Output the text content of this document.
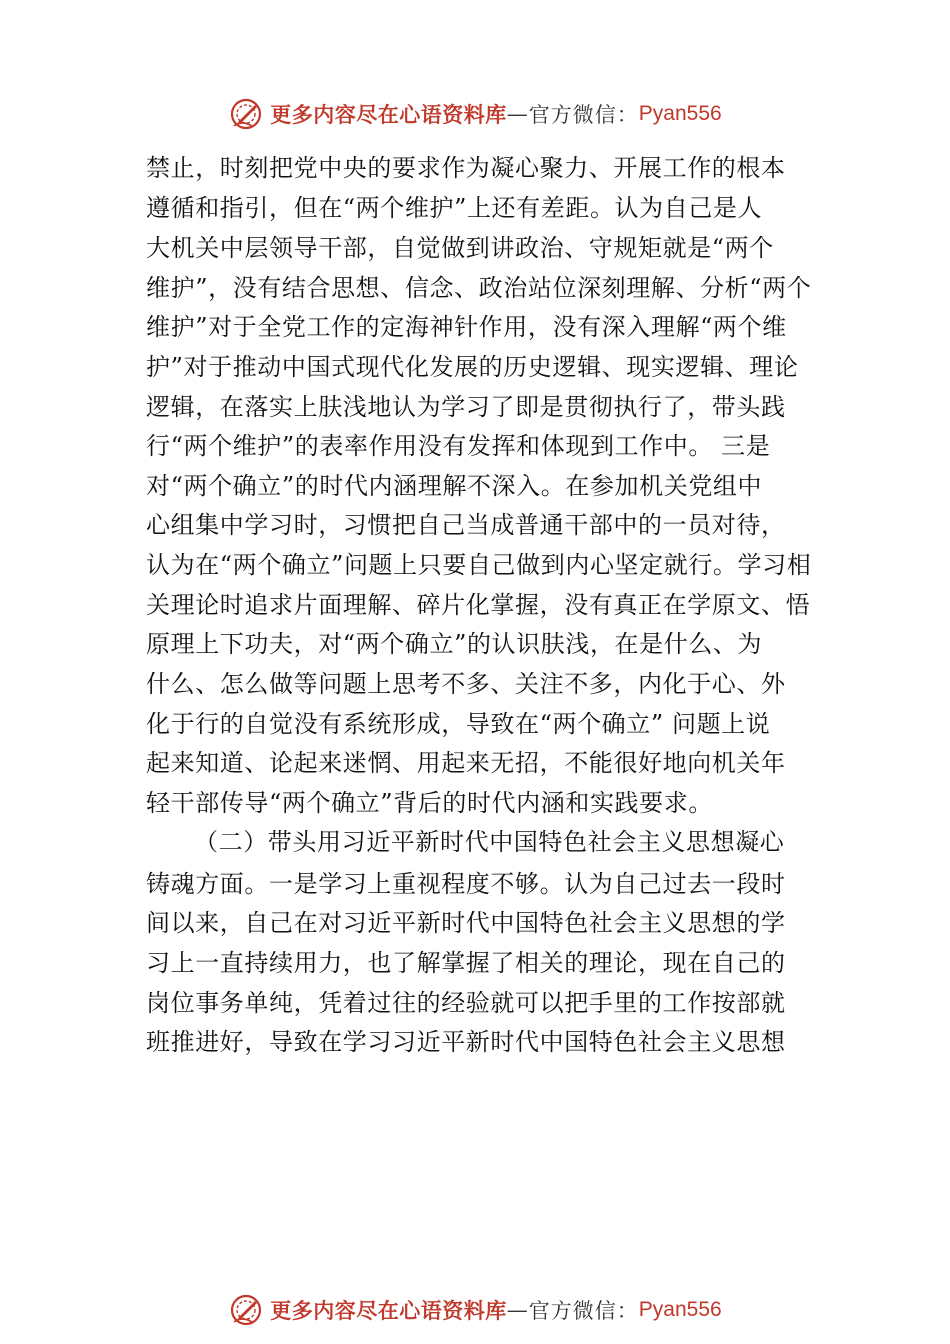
更多内容尽在心语资料库 — 官方微信： Pyan556
禁止，时刻把党中央的要求作为凝心聚力、开展工作的根本
遵循和指引，但在“两个维护”上还有差距。认为自己是人
大机关中层领导干部，自觉做到讲政治、守规矩就是“两个
维护”，没有结合思想、信念、政治站位深刻理解、分析“两个
维护”对于全党工作的定海神针作用，没有深入理解“两个维
护”对于推动中国式现代化发展的历史逻辑、现实逻辑、理论
逻辑，在落实上肤浅地认为学习了即是贯彻执行了，带头践
行“两个维护”的表率作用没有发挥和体现到工作中。 三是
对“两个确立”的时代内涵理解不深入。在参加机关党组中
心组集中学习时，习惯把自己当成普通干部中的一员对待，
认为在“两个确立”问题上只要自己做到内心坚定就行。学习相
关理论时追求片面理解、碎片化掌握，没有真正在学原文、悟
原理上下功夫，对“两个确立”的认识肤浅，在是什么、为
什么、怎么做等问题上思考不多、关注不多，内化于心、外
化于行的自觉没有系统形成，导致在“两个确立” 问题上说
起来知道、论起来迷惘、用起来无招，不能很好地向机关年
轻干部传导“两个确立”背后的时代内涵和实践要求。
（二）带头用习近平新时代中国特色社会主义思想凝心
铸魂方面。一是学习上重视程度不够。认为自己过去一段时
间以来，自己在对习近平新时代中国特色社会主义思想的学
习上一直持续用力，也了解掌握了相关的理论，现在自己的
岗位事务单纯，凭着过往的经验就可以把手里的工作按部就
班推进好，导致在学习习近平新时代中国特色社会主义思想
更多内容尽在心语资料库 — 官方微信： Pyan556
